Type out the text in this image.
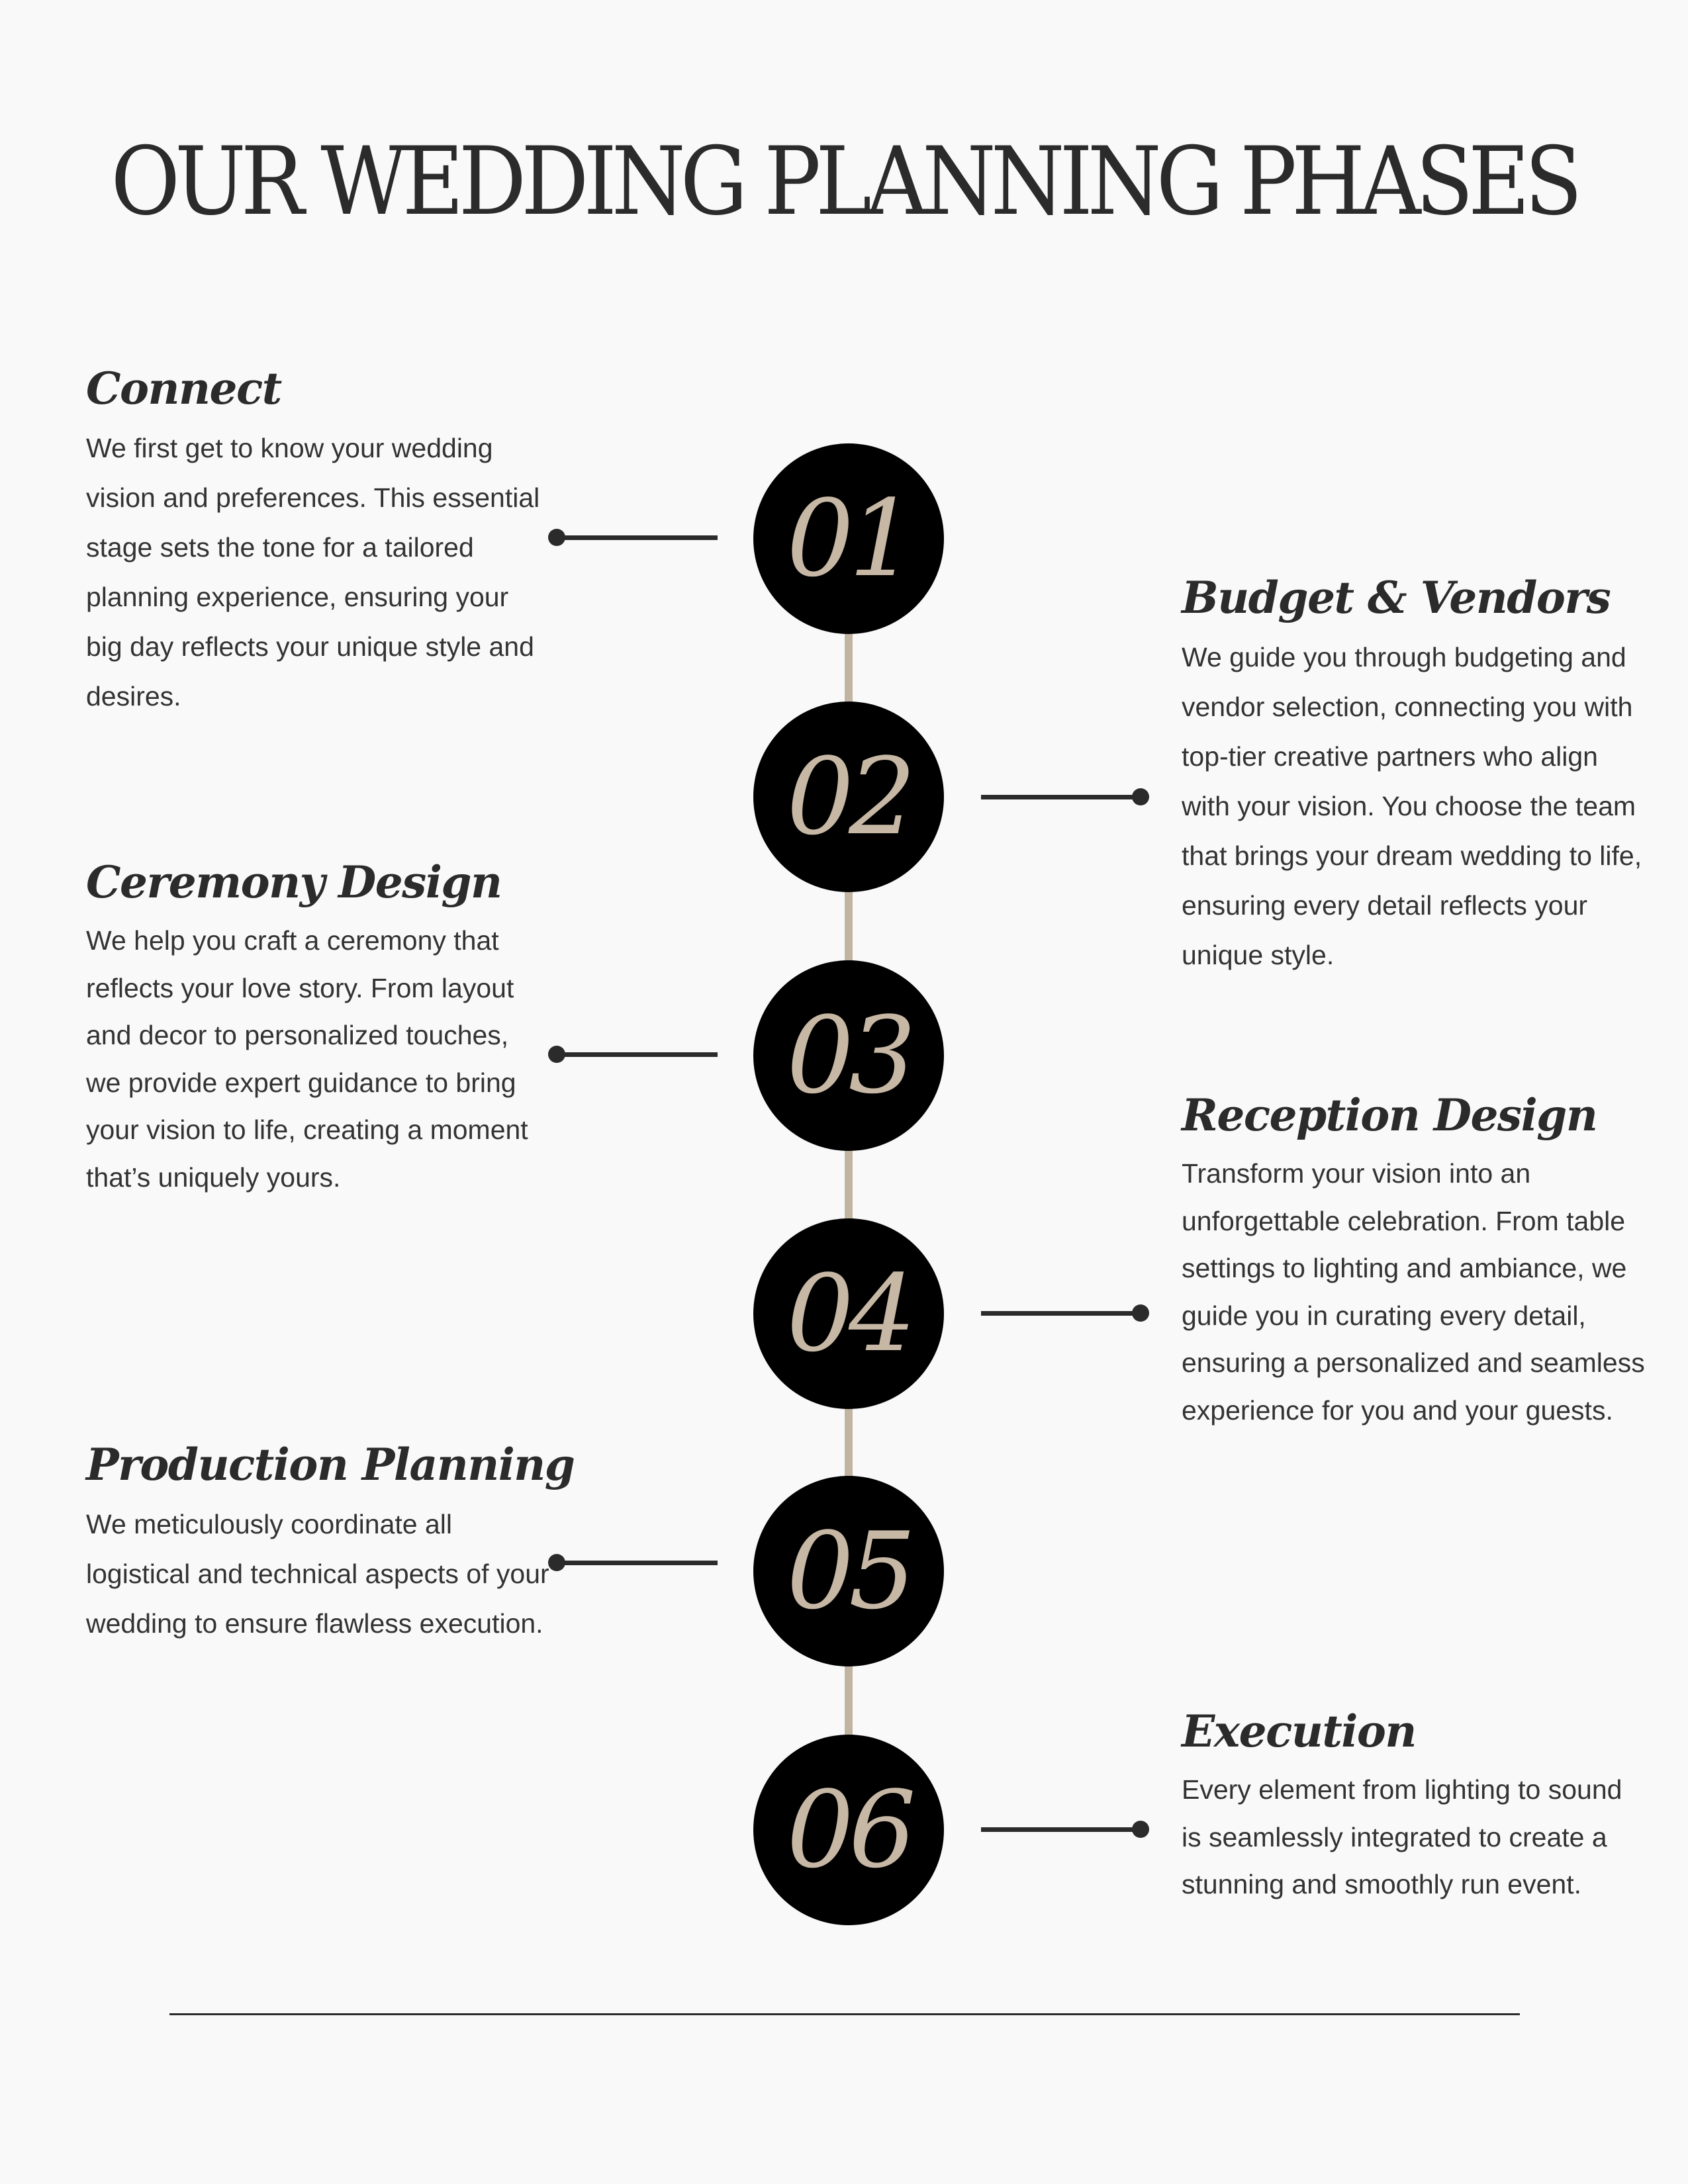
OUR WEDDING PLANNING PHASES
01
02
03
04
05
06
Connect

We first get to know your wedding vision and preferences. This essential stage sets the tone for a tailored planning experience, ensuring your big day reflects your unique style and desires.

Ceremony Design

We help you craft a ceremony that reflects your love story. From layout and decor to personalized touches, we provide expert guidance to bring your vision to life, creating a moment that’s uniquely yours.

Production Planning

We meticulously coordinate all logistical and technical aspects of your wedding to ensure flawless execution.

Budget & Vendors

We guide you through budgeting and vendor selection, connecting you with top-tier creative partners who align with your vision. You choose the team that brings your dream wedding to life, ensuring every detail reflects your unique style.

Reception Design

Transform your vision into an unforgettable celebration. From table settings to lighting and ambiance, we guide you in curating every detail, ensuring a personalized and seamless experience for you and your guests.

Execution

Every element from lighting to sound is seamlessly integrated to create a stunning and smoothly run event.
